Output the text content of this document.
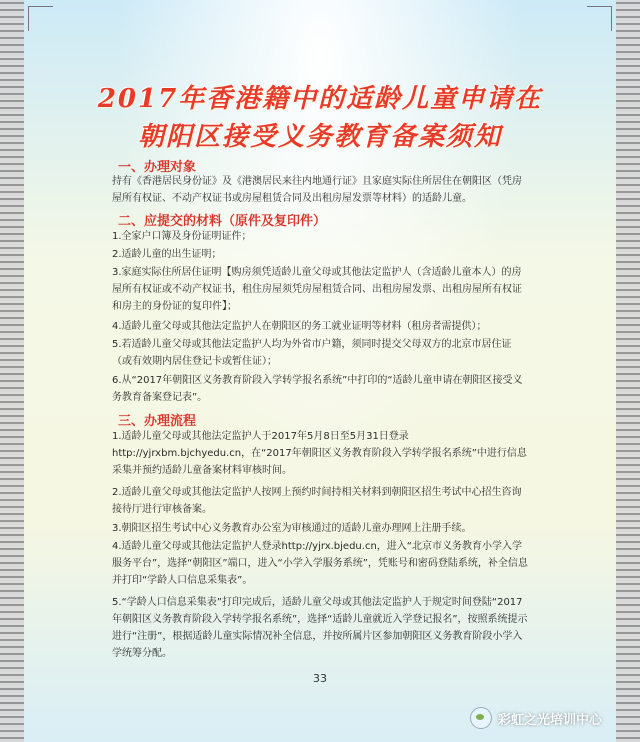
2017年香港籍中的适龄儿童申请在
朝阳区接受义务教育备案须知
一、办理对象
持有《香港居民身份证》及《港澳居民来往内地通行证》且家庭实际住所居住在朝阳区（凭房屋所有权证、不动产权证书或房屋租赁合同及出租房屋发票等材料）的适龄儿童。
二、应提交的材料（原件及复印件）
1.全家户口簿及身份证明证件；
2.适龄儿童的出生证明；
3.家庭实际住所居住证明【购房须凭适龄儿童父母或其他法定监护人（含适龄儿童本人）的房屋所有权证或不动产权证书，租住房屋须凭房屋租赁合同、出租房屋发票、出租房屋所有权证和房主的身份证的复印件】；
4.适龄儿童父母或其他法定监护人在朝阳区的务工就业证明等材料（租房者需提供）；
5.若适龄儿童父母或其他法定监护人均为外省市户籍，须同时提交父母双方的北京市居住证（或有效期内居住登记卡或暂住证）；
6.从“2017年朝阳区义务教育阶段入学转学报名系统”中打印的“适龄儿童申请在朝阳区接受义务教育备案登记表”。
三、办理流程
1.适龄儿童父母或其他法定监护人于2017年5月8日至5月31日登录http://yjrxbm.bjchyedu.cn，在“2017年朝阳区义务教育阶段入学转学报名系统”中进行信息采集并预约适龄儿童备案材料审核时间。
2.适龄儿童父母或其他法定监护人按网上预约时间持相关材料到朝阳区招生考试中心招生咨询接待厅进行审核备案。
3.朝阳区招生考试中心义务教育办公室为审核通过的适龄儿童办理网上注册手续。
4.适龄儿童父母或其他法定监护人登录http://yjrx.bjedu.cn，进入“北京市义务教育小学入学服务平台”，选择“朝阳区”端口，进入“小学入学服务系统”，凭账号和密码登陆系统，补全信息并打印“学龄人口信息采集表”。
5.“学龄人口信息采集表”打印完成后，适龄儿童父母或其他法定监护人于规定时间登陆“2017年朝阳区义务教育阶段入学转学报名系统”，选择“适龄儿童就近入学登记报名”，按照系统提示进行“注册”，根据适龄儿童实际情况补全信息，并按所属片区参加朝阳区义务教育阶段小学入学统筹分配。
33
彩虹之光培训中心
